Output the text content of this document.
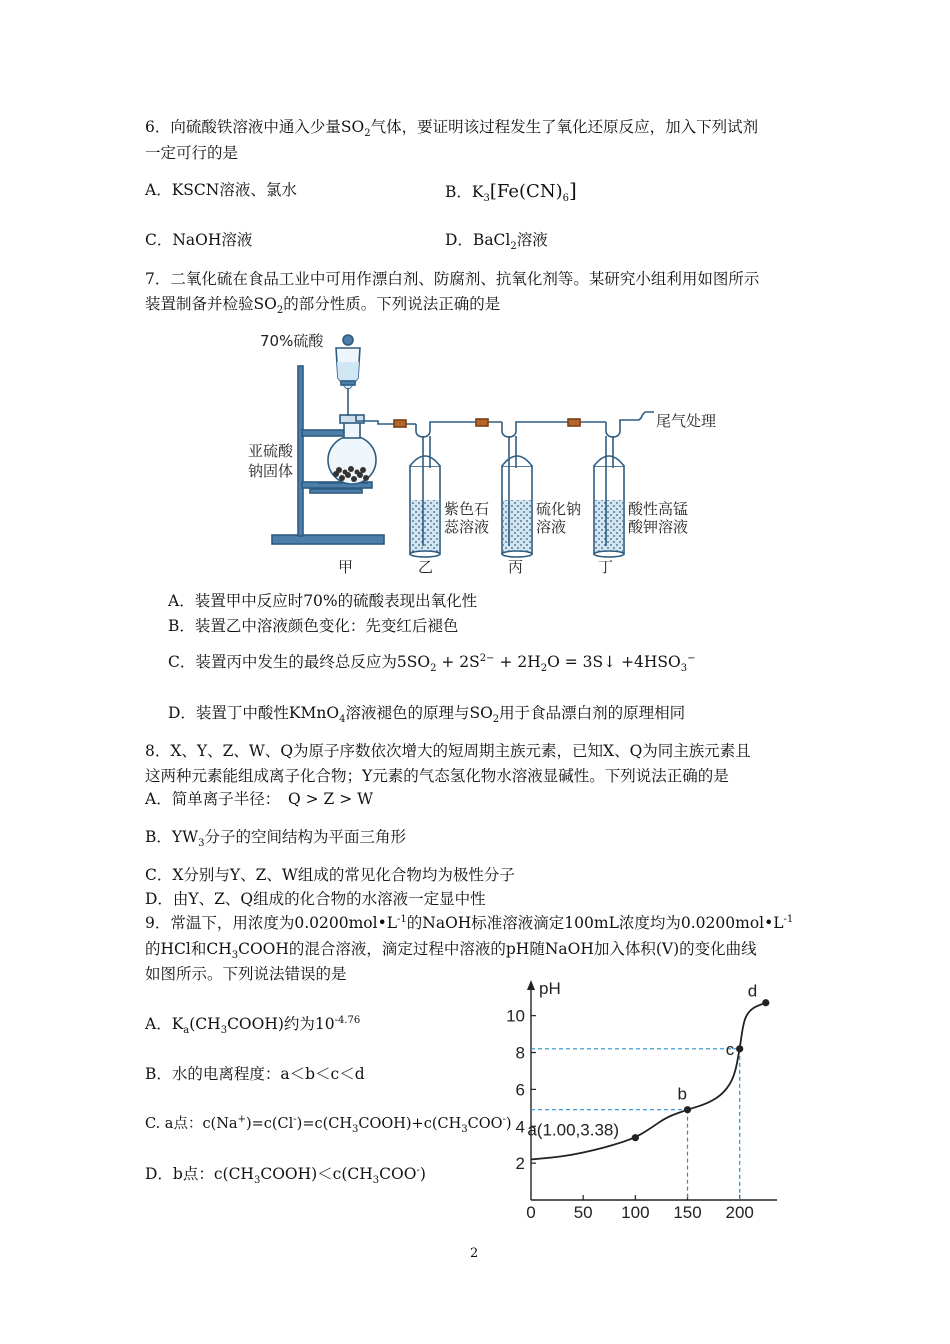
6．向硫酸铁溶液中通入少量$SO_2$气体，要证明该过程发生了氧化还原反应，加入下列试剂
一定可行的是
A．KSCN溶液、氯水	B．$K_3[Fe(CN)_6]$
C．NaOH溶液	D．BaCl$_2$溶液
7．二氧化硫在食品工业中可用作漂白剂、防腐剂、抗氧化剂等。某研究小组利用如图所示
装置制备并检验$SO_2$的部分性质。下列说法正确的是
70%硫酸
亚硫酸
钠固体
尾气处理
紫色石
蕊溶液
硫化钠
溶液
酸性高锰
酸钾溶液
甲	乙	丙	丁
A．装置甲中反应时70%的硫酸表现出氧化性
B．装置乙中溶液颜色变化：先变红后褪色
C．装置丙中发生的最终总反应为$5SO_2 + 2S^{2-} + 2H_2O$ = 3S↓ $+4HSO_3^-$
D．装置丁中酸性KMnO$_4$溶液褪色的原理与$SO_2$用于食品漂白剂的原理相同
8．X、Y、Z、W、Q为原子序数依次增大的短周期主族元素，已知X、Q为同主族元素且
这两种元素能组成离子化合物；Y元素的气态氢化物水溶液显碱性。下列说法正确的是
A．简单离子半径：　Q > Z > W
B．$YW_3$分子的空间结构为平面三角形
C．X分别与Y、Z、W组成的常见化合物均为极性分子
D．由Y、Z、Q组成的化合物的水溶液一定显中性
9．常温下，用浓度为$0.0200mol•L^{-1}$的NaOH标准溶液滴定100mL浓度均为$0.0200mol•L^{-1}$
的HCl和$CH_3COOH$的混合溶液，滴定过程中溶液的pH随NaOH加入体积(V)的变化曲线
如图所示。下列说法错误的是
A．$K_a(CH_3COOH)$约为$10^{-4.76}$
B．水的电离程度：a＜b＜c＜d
C. a点：$c(Na^+)=c(Cl^-)=c(CH_3COOH)+c(CH_3COO^-)$
D．b点：$c(CH_3COOH)<c(CH_3COO^-)$
pH
2
4
6
8
10
0 50 100 150 200
a(1.00,3.38)
b
c
d
2
